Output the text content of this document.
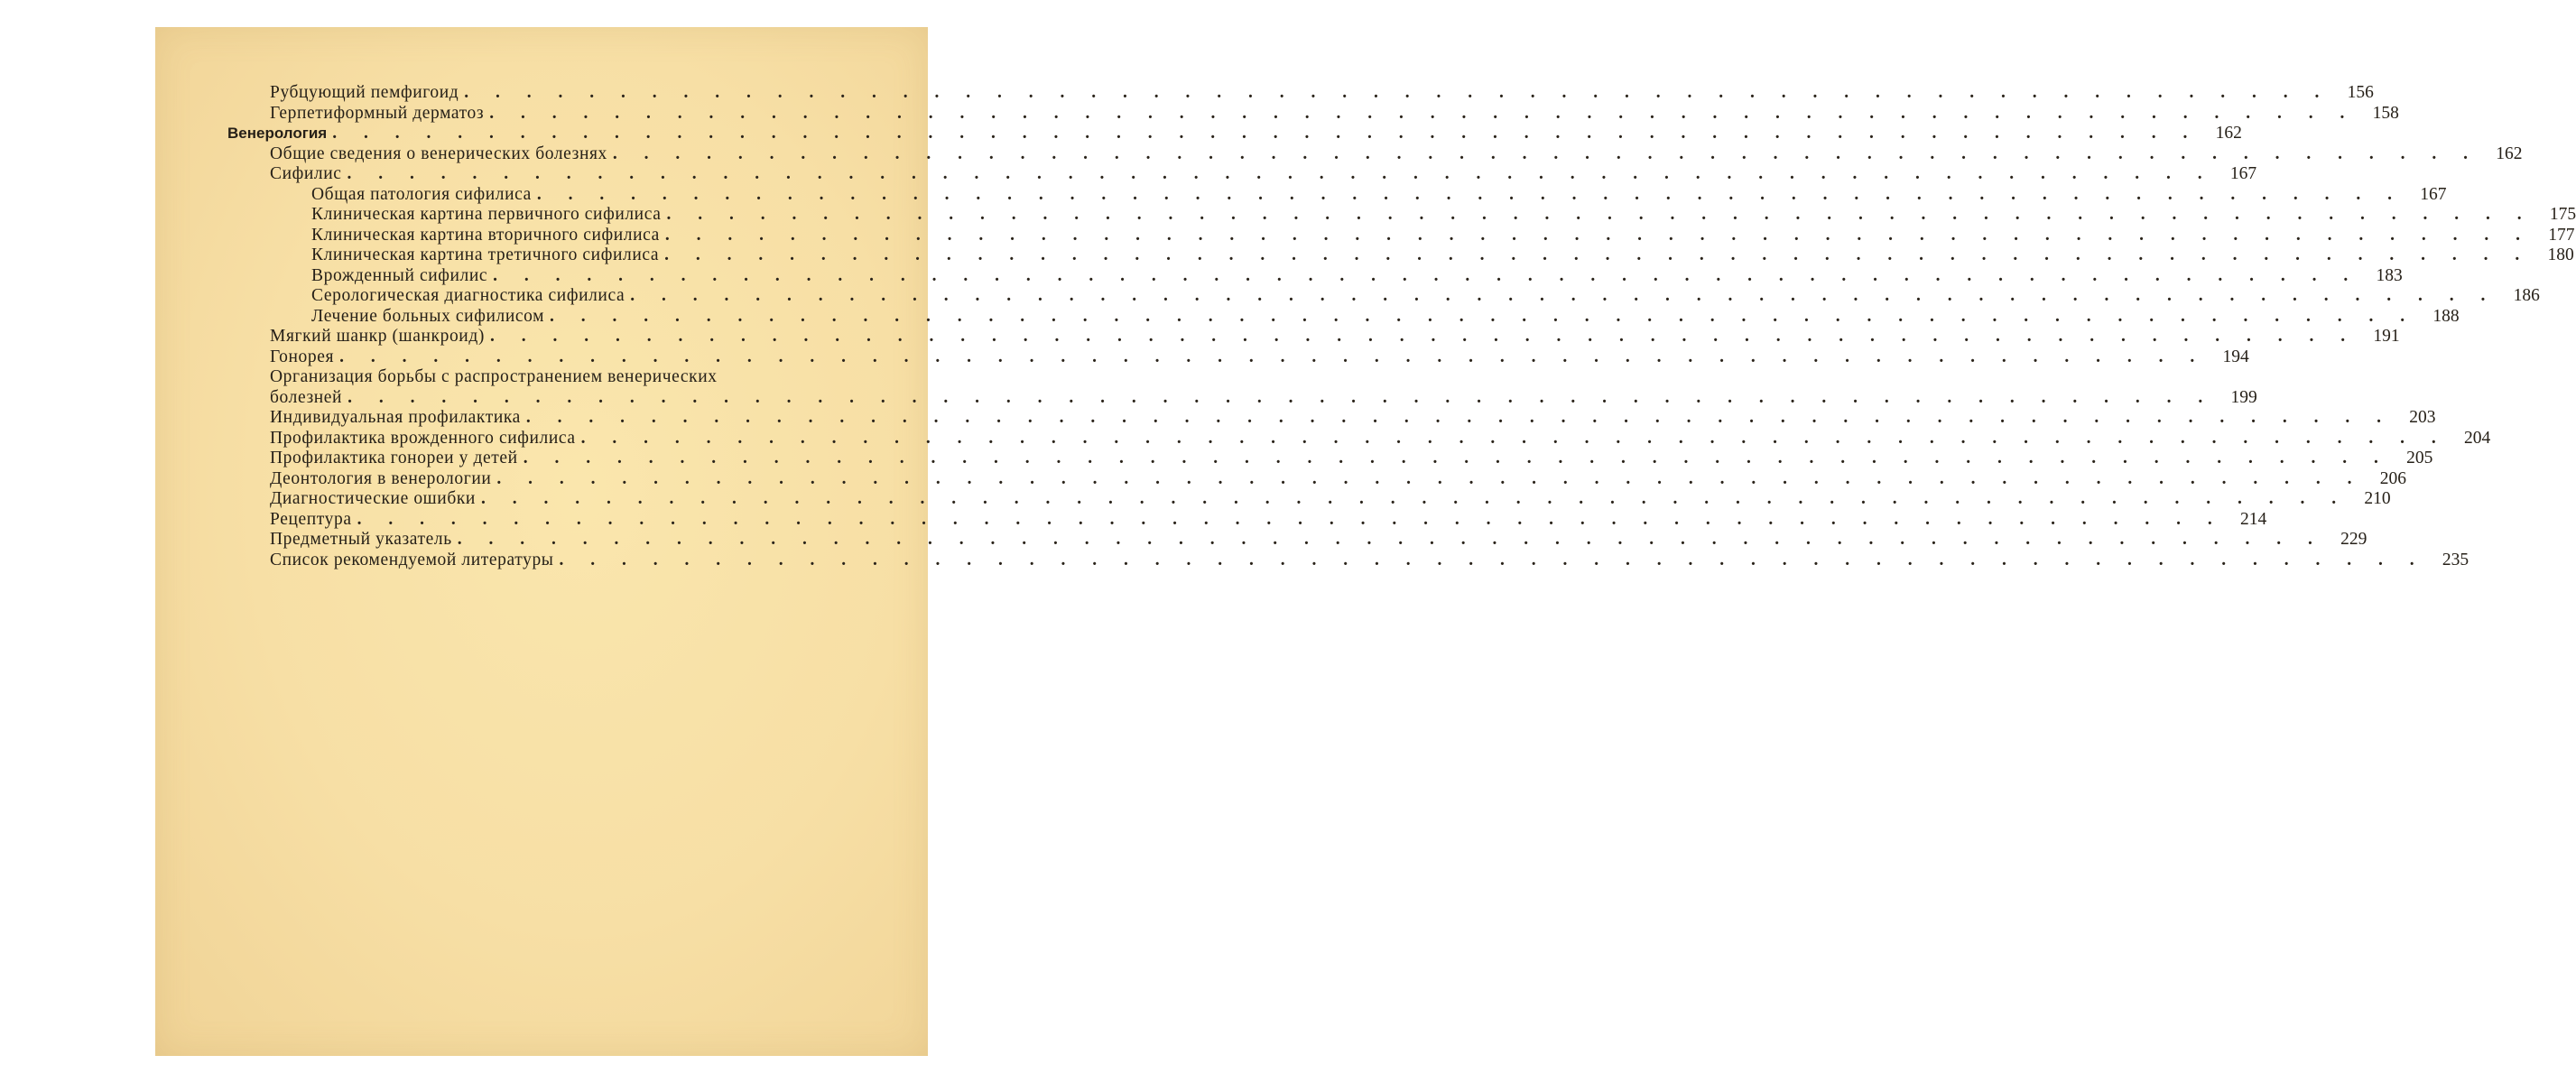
Рубцующий пемфигоид . . . . . . . . . . . . . . . . . . . . . . . . . . . . . . . . . . . . . . . . . . . . . . . . . . . . . . . . . . . . 156
Герпетиформный дерматоз . . . . . . . . . . . . . . . . . . . . . . . . . . . . . . . . . . . . . . . . . . . . . . . . . . . . . . . . . . . . 158
Венерология . . . . . . . . . . . . . . . . . . . . . . . . . . . . . . . . . . . . . . . . . . . . . . . . . . . . . . . . . . . . 162
Общие сведения о венерических болезнях . . . . . . . . . . . . . . . . . . . . . . . . . . . . . . . . . . . . . . . . . . . . . . . . . . . . . . . . . . . . 162
Сифилис . . . . . . . . . . . . . . . . . . . . . . . . . . . . . . . . . . . . . . . . . . . . . . . . . . . . . . . . . . . . 167
Общая патология сифилиса . . . . . . . . . . . . . . . . . . . . . . . . . . . . . . . . . . . . . . . . . . . . . . . . . . . . . . . . . . . . 167
Клиническая картина первичного сифилиса . . . . . . . . . . . . . . . . . . . . . . . . . . . . . . . . . . . . . . . . . . . . . . . . . . . . . . . . . . . . 175
Клиническая картина вторичного сифилиса . . . . . . . . . . . . . . . . . . . . . . . . . . . . . . . . . . . . . . . . . . . . . . . . . . . . . . . . . . . . 177
Клиническая картина третичного сифилиса . . . . . . . . . . . . . . . . . . . . . . . . . . . . . . . . . . . . . . . . . . . . . . . . . . . . . . . . . . . . 180
Врожденный сифилис . . . . . . . . . . . . . . . . . . . . . . . . . . . . . . . . . . . . . . . . . . . . . . . . . . . . . . . . . . . . 183
Серологическая диагностика сифилиса . . . . . . . . . . . . . . . . . . . . . . . . . . . . . . . . . . . . . . . . . . . . . . . . . . . . . . . . . . . . 186
Лечение больных сифилисом . . . . . . . . . . . . . . . . . . . . . . . . . . . . . . . . . . . . . . . . . . . . . . . . . . . . . . . . . . . . 188
Мягкий шанкр (шанкроид) . . . . . . . . . . . . . . . . . . . . . . . . . . . . . . . . . . . . . . . . . . . . . . . . . . . . . . . . . . . . 191
Гонорея . . . . . . . . . . . . . . . . . . . . . . . . . . . . . . . . . . . . . . . . . . . . . . . . . . . . . . . . . . . . 194
Организация борьбы с распространением венерических
болезней . . . . . . . . . . . . . . . . . . . . . . . . . . . . . . . . . . . . . . . . . . . . . . . . . . . . . . . . . . . . 199
Индивидуальная профилактика . . . . . . . . . . . . . . . . . . . . . . . . . . . . . . . . . . . . . . . . . . . . . . . . . . . . . . . . . . . . 203
Профилактика врожденного сифилиса . . . . . . . . . . . . . . . . . . . . . . . . . . . . . . . . . . . . . . . . . . . . . . . . . . . . . . . . . . . . 204
Профилактика гонореи у детей . . . . . . . . . . . . . . . . . . . . . . . . . . . . . . . . . . . . . . . . . . . . . . . . . . . . . . . . . . . . 205
Деонтология в венерологии . . . . . . . . . . . . . . . . . . . . . . . . . . . . . . . . . . . . . . . . . . . . . . . . . . . . . . . . . . . . 206
Диагностические ошибки . . . . . . . . . . . . . . . . . . . . . . . . . . . . . . . . . . . . . . . . . . . . . . . . . . . . . . . . . . . . 210
Рецептура . . . . . . . . . . . . . . . . . . . . . . . . . . . . . . . . . . . . . . . . . . . . . . . . . . . . . . . . . . . . 214
Предметный указатель . . . . . . . . . . . . . . . . . . . . . . . . . . . . . . . . . . . . . . . . . . . . . . . . . . . . . . . . . . . . 229
Список рекомендуемой литературы . . . . . . . . . . . . . . . . . . . . . . . . . . . . . . . . . . . . . . . . . . . . . . . . . . . . . . . . . . . . 235
